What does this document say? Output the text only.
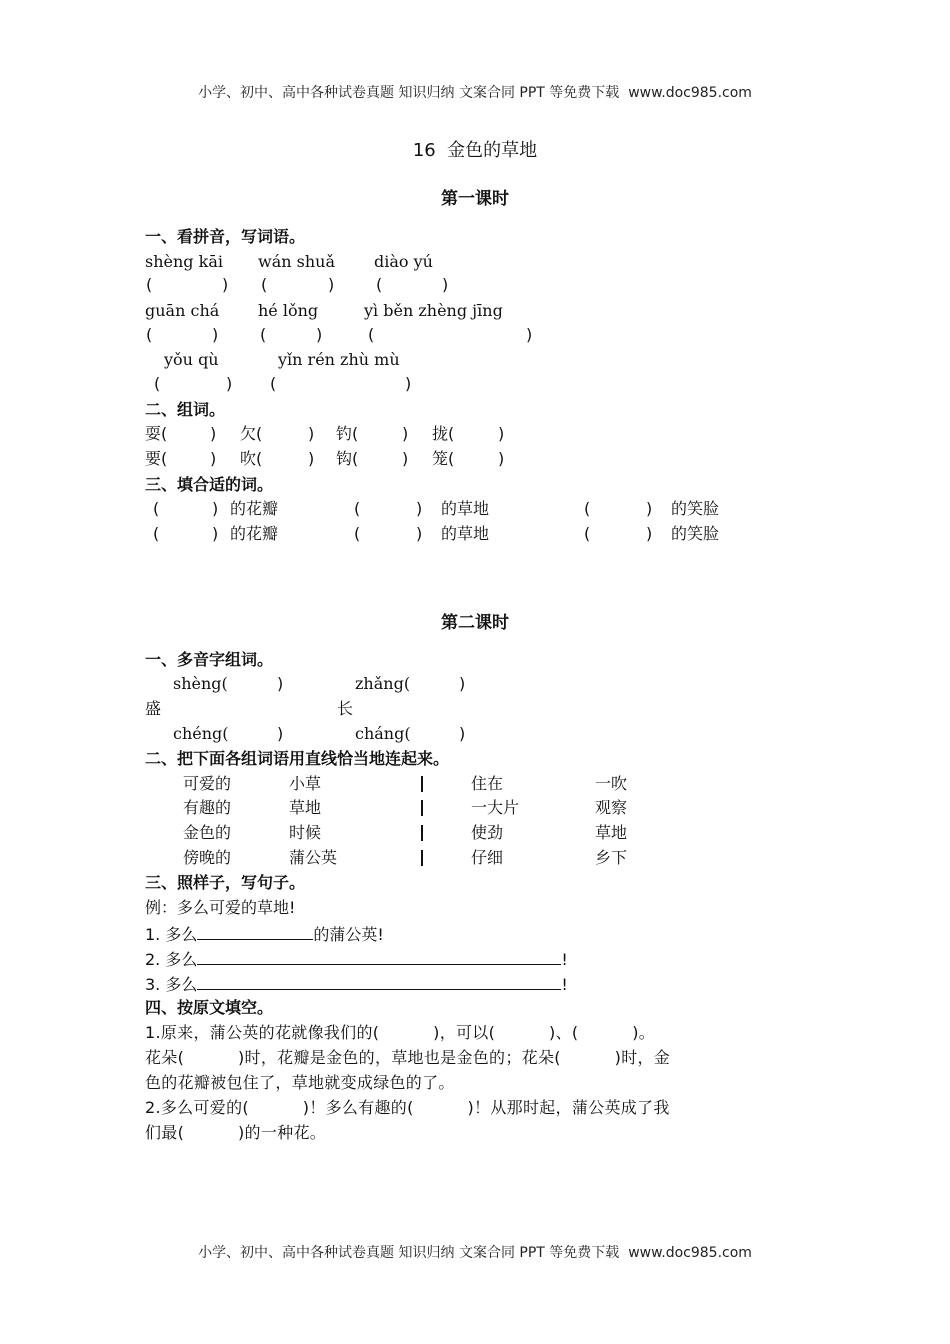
小学、初中、高中各种试卷真题 知识归纳 文案合同 PPT 等免费下载  www.doc985.com
16  金色的草地
第一课时
一、看拼音，写词语。
shèng kāi wán shuǎ diào yú
(	) (	)	(	)
guān chá hé lǒng	yì běn zhèng jīng
(	)	(	)	(	)
yǒu qù	yǐn rén zhù mù
(	) (	)
二、组词。
耍(	) 欠(	) 钓(	) 拢(	)
要(	) 吹(	) 钩(	) 笼(	)
三、填合适的词。
(	) 的花瓣	(	) 的草地	(	) 的笑脸
(	) 的花瓣	(	) 的草地	(	) 的笑脸
第二课时
一、多音字组词。
shèng(	)	zhǎng(	)
盛	长
chéng(	)	cháng(	)
二、把下面各组词语用直线恰当地连起来。
可爱的	小草	住在	一吹
有趣的	草地	一大片	观察
金色的	时候	使劲	草地
傍晚的	蒲公英	仔细	乡下
三、照样子，写句子。
例：多么可爱的草地!
1. 多么	的蒲公英!
2. 多么	!
3. 多么	!
四、按原文填空。
1.原来，蒲公英的花就像我们的(          )，可以(          )、(          )。
花朵(          )时，花瓣是金色的，草地也是金色的；花朵(          )时，金
色的花瓣被包住了，草地就变成绿色的了。
2.多么可爱的(          )！多么有趣的(          )！从那时起，蒲公英成了我
们最(          )的一种花。
小学、初中、高中各种试卷真题 知识归纳 文案合同 PPT 等免费下载  www.doc985.com
